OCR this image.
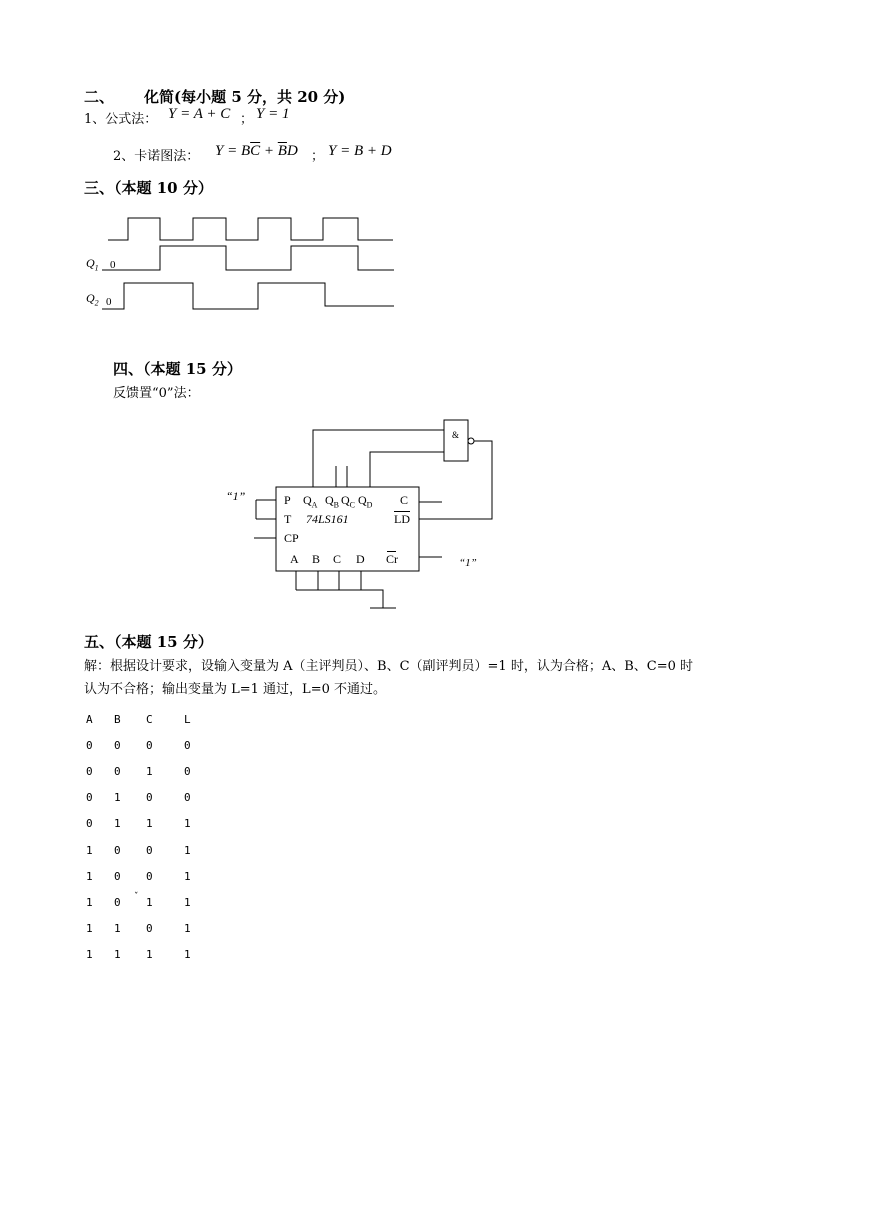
二、 化简(每小题 5 分，共 20 分)
1、公式法： Y = A + C ； Y = 1
2、卡诺图法： $Y = B\overline{C} + \overline{B}D$ ； Y = B + D
三、（本题 10 分）
$Q_1$ 0
$Q_2$ 0
四、（本题 15 分）
反馈置“0”法：
&
P
T
CP
$Q_A$ $Q_B$ $Q_C$ $Q_D$ C
74LS161	$\overline{LD}$
A B C D Cr
“1”
“1”
五、（本题 15 分）
解：根据设计要求，设输入变量为 A（主评判员）、B、C（副评判员）=1 时，认为合格；A、B、C=0 时
认为不合格；输出变量为 L=1 通过，L=0 不通过。
A	B	C	L
0	0	0	0
0	0	1	0
0	1	0	0
0	1	1	1
1	0	0	1
1	0	0	1
1	0	1	1
1	1	0	1
1	1	1	1
ˇ
